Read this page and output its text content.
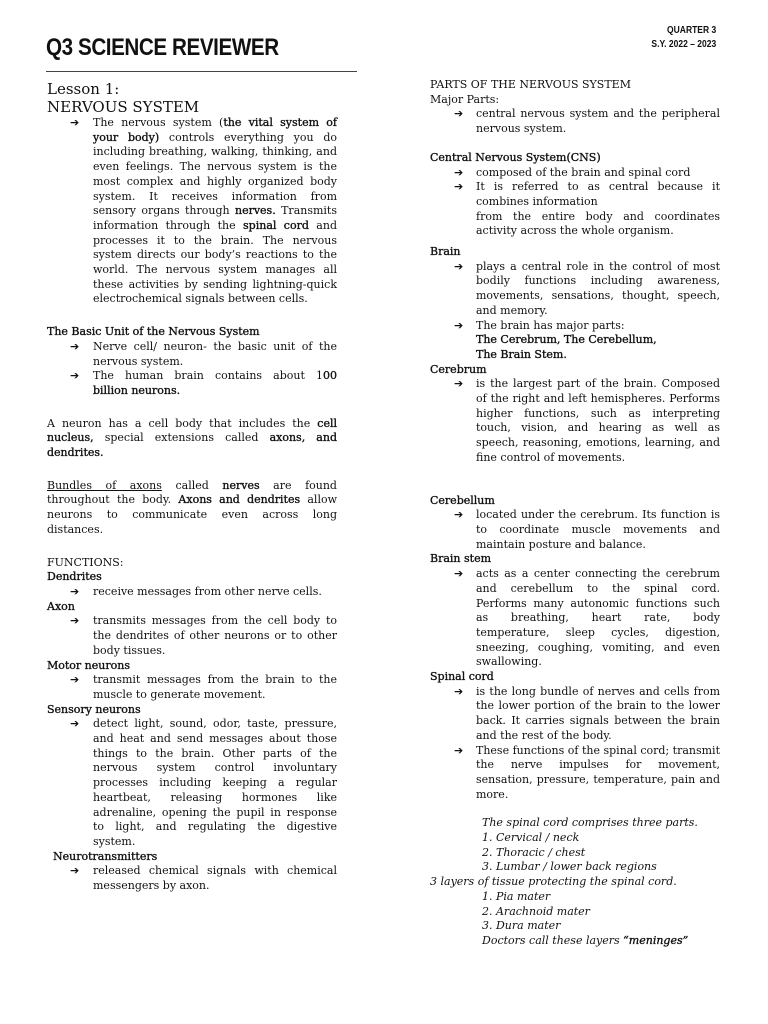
Q3 SCIENCE REVIEWER
QUARTER 3
S.Y. 2022 – 2023

Lesson 1:

NERVOUS SYSTEM

➔ The nervous system (the vital system of your body) controls everything you do including breathing, walking, thinking, and even feelings. The nervous system is the most complex and highly organized body system. It receives information from sensory organs through nerves. Transmits information through the spinal cord and processes it to the brain. The nervous system directs our body’s reactions to the world. The nervous system manages all these activities by sending lightning-quick electrochemical signals between cells.

The Basic Unit of the Nervous System

➔ Nerve cell/ neuron- the basic unit of the nervous system.
➔ The human brain contains about 100 billion neurons.

A neuron has a cell body that includes the cell nucleus, special extensions called axons, and dendrites.

Bundles of axons called nerves are found throughout the body. Axons and dendrites allow neurons to communicate even across long distances.

FUNCTIONS:

Dendrites

➔ receive messages from other nerve cells.

Axon

➔ transmits messages from the cell body to the dendrites of other neurons or to other body tissues.

Motor neurons

➔ transmit messages from the brain to the muscle to generate movement.

Sensory neurons

➔ detect light, sound, odor, taste, pressure, and heat and send messages about those things to the brain. Other parts of the nervous system control involuntary processes including keeping a regular heartbeat, releasing hormones like adrenaline, opening the pupil in response to light, and regulating the digestive system.

Neurotransmitters

➔ released chemical signals with chemical messengers by axon.

PARTS OF THE NERVOUS SYSTEM

Major Parts:

➔ central nervous system and the peripheral nervous system.

Central Nervous System(CNS)

➔ composed of the brain and spinal cord
➔ It is referred to as central because it combines information

from the entire body and coordinates activity across the whole organism.

Brain

➔ plays a central role in the control of most bodily functions including awareness, movements, sensations, thought, speech, and memory.
➔ The brain has major parts:

The Cerebrum, The Cerebellum,

The Brain Stem.

Cerebrum

➔ is the largest part of the brain. Composed of the right and left hemispheres. Performs higher functions, such as interpreting touch, vision, and hearing as well as speech, reasoning, emotions, learning, and fine control of movements.

Cerebellum

➔ located under the cerebrum. Its function is to coordinate muscle movements and maintain posture and balance.

Brain stem

➔ acts as a center connecting the cerebrum and cerebellum to the spinal cord. Performs many autonomic functions such as breathing, heart rate, body temperature, sleep cycles, digestion, sneezing, coughing, vomiting, and even swallowing.

Spinal cord

➔ is the long bundle of nerves and cells from the lower portion of the brain to the lower back. It carries signals between the brain and the rest of the body.
➔ These functions of the spinal cord; transmit the nerve impulses for movement, sensation, pressure, temperature, pain and more.

The spinal cord comprises three parts.

1. Cervical / neck

2. Thoracic / chest

3. Lumbar / lower back regions

3 layers of tissue protecting the spinal cord.

1. Pia mater

2. Arachnoid mater

3. Dura mater

Doctors call these layers “meninges”
